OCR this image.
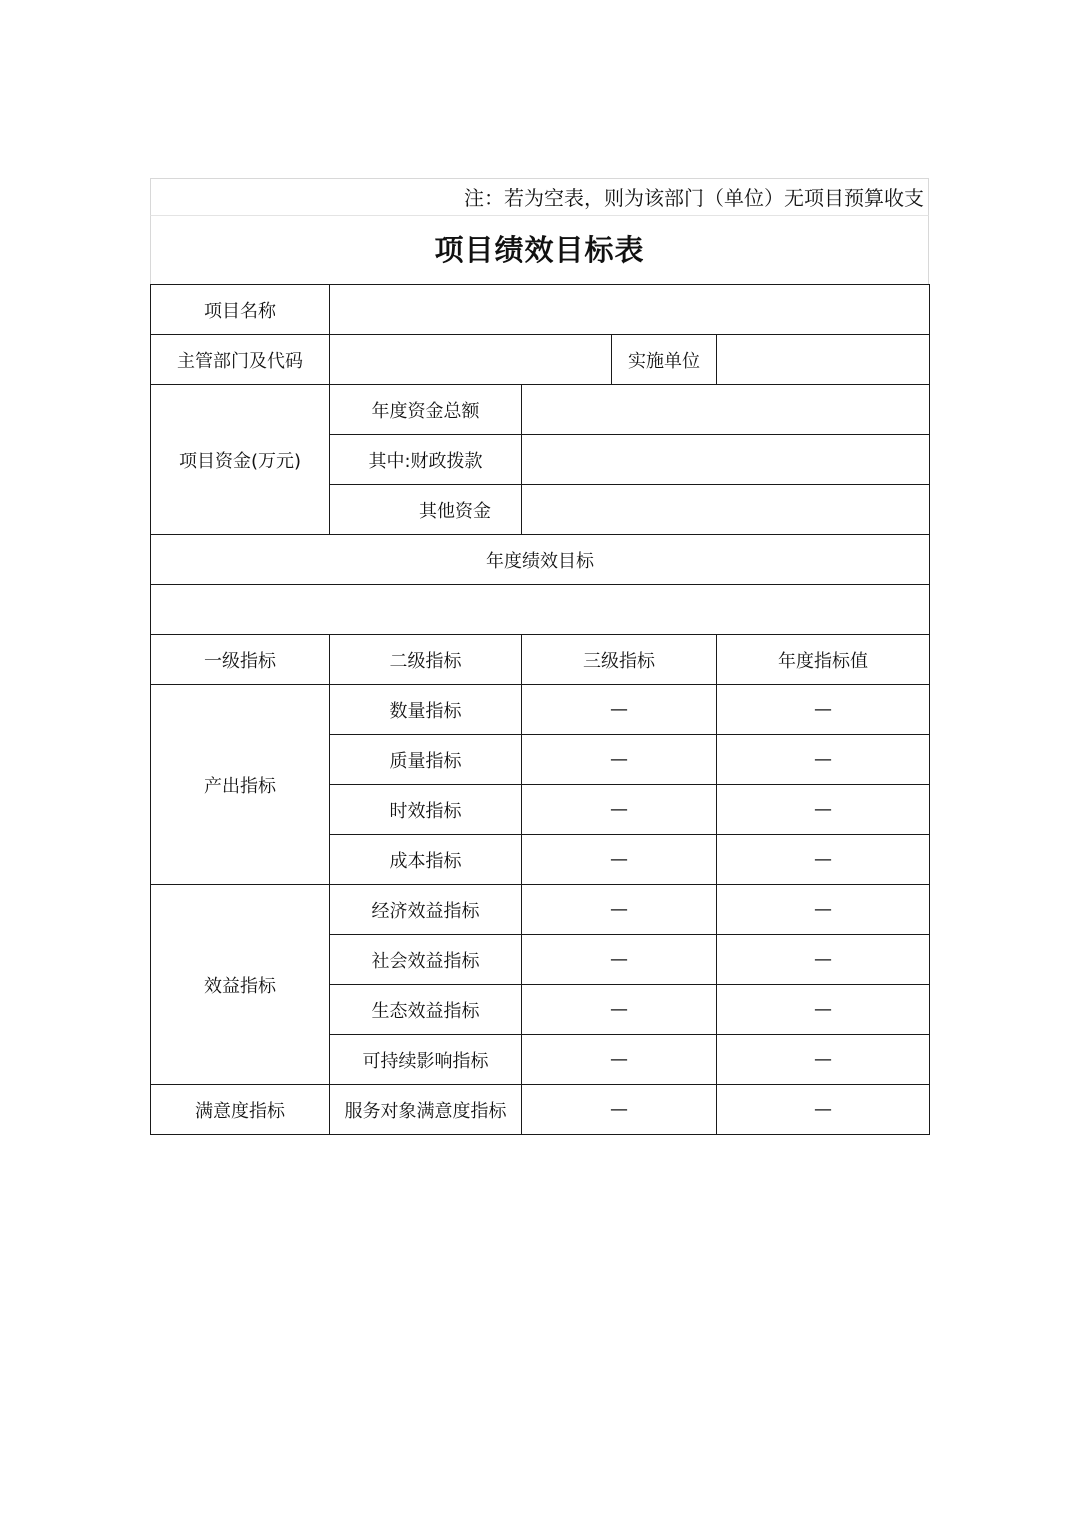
注：若为空表，则为该部门（单位）无项目预算收支
项目绩效目标表
项目名称				
主管部门及代码			实施单位	
项目资金(万元)	年度资金总额			
	其中:财政拨款			
	其他资金			
年度绩效目标				

一级指标	二级指标	三级指标		年度指标值
产出指标	数量指标	—		—
	质量指标	—		—
	时效指标	—		—
	成本指标	—		—
效益指标	经济效益指标	—		—
	社会效益指标	—		—
	生态效益指标	—		—
	可持续影响指标	—		—
满意度指标	服务对象满意度指标	—		—
